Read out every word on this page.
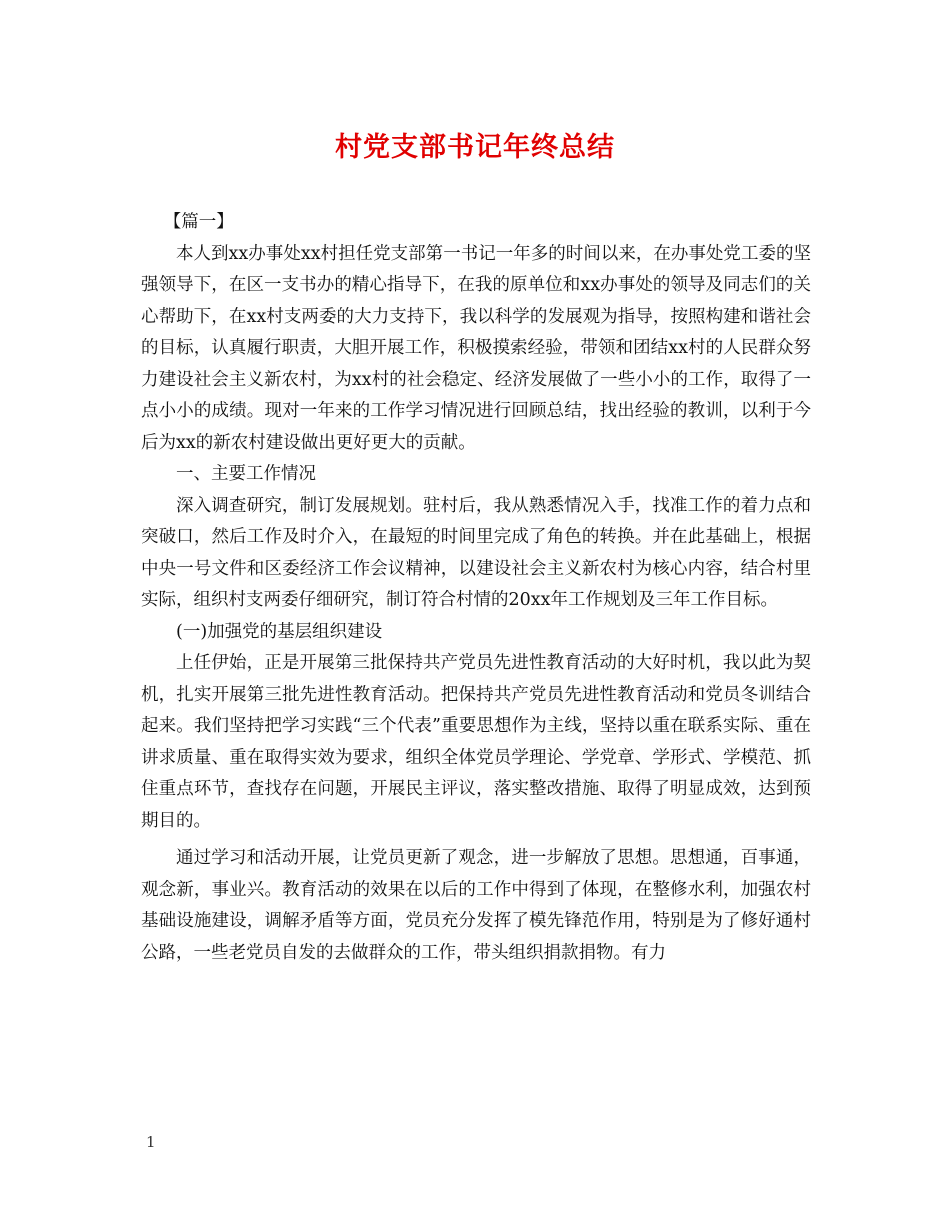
村党支部书记年终总结

【篇一】

本人到xx办事处xx村担任党支部第一书记一年多的时间以来，在办事处党工委的坚强领导下，在区一支书办的精心指导下，在我的原单位和xx办事处的领导及同志们的关心帮助下，在xx村支两委的大力支持下，我以科学的发展观为指导，按照构建和谐社会的目标，认真履行职责，大胆开展工作，积极摸索经验，带领和团结xx村的人民群众努力建设社会主义新农村，为xx村的社会稳定、经济发展做了一些小小的工作，取得了一点小小的成绩。现对一年来的工作学习情况进行回顾总结，找出经验的教训，以利于今后为xx的新农村建设做出更好更大的贡献。

一、主要工作情况

深入调查研究，制订发展规划。驻村后，我从熟悉情况入手，找准工作的着力点和突破口，然后工作及时介入，在最短的时间里完成了角色的转换。并在此基础上，根据中央一号文件和区委经济工作会议精神，以建设社会主义新农村为核心内容，结合村里实际，组织村支两委仔细研究，制订符合村情的20xx年工作规划及三年工作目标。

(一)加强党的基层组织建设

上任伊始，正是开展第三批保持共产党员先进性教育活动的大好时机，我以此为契机，扎实开展第三批先进性教育活动。把保持共产党员先进性教育活动和党员冬训结合起来。我们坚持把学习实践“三个代表”重要思想作为主线，坚持以重在联系实际、重在讲求质量、重在取得实效为要求，组织全体党员学理论、学党章、学形式、学模范、抓住重点环节，查找存在问题，开展民主评议，落实整改措施、取得了明显成效，达到预期目的。

通过学习和活动开展，让党员更新了观念，进一步解放了思想。思想通，百事通，观念新，事业兴。教育活动的效果在以后的工作中得到了体现，在整修水利，加强农村基础设施建设，调解矛盾等方面，党员充分发挥了模先锋范作用，特别是为了修好通村公路，一些老党员自发的去做群众的工作，带头组织捐款捐物。有力

1
